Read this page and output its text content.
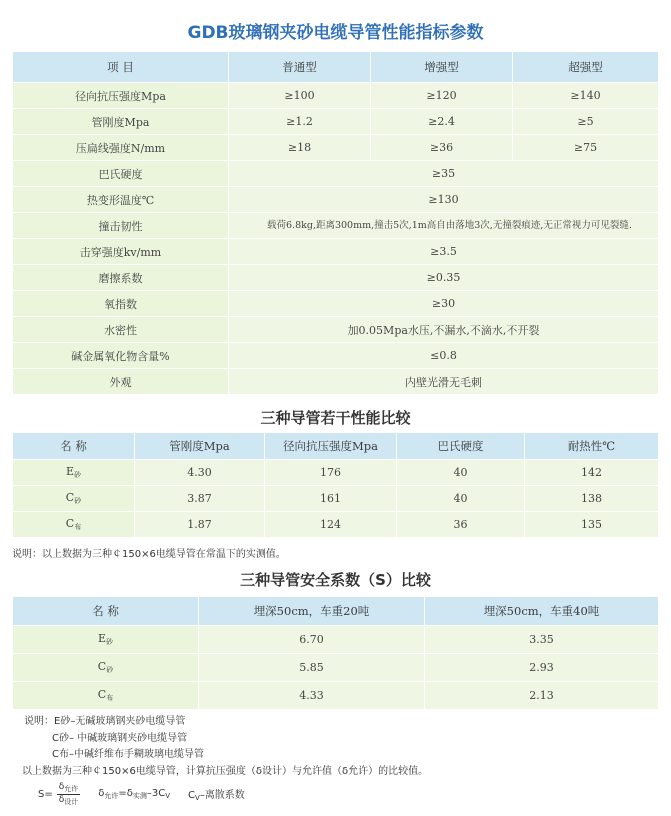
GDB玻璃钢夹砂电缆导管性能指标参数
项 目	普通型	增强型	超强型
径向抗压强度Mpa	≥100	≥120	≥140
管刚度Mpa	≥1.2	≥2.4	≥5
压扁线强度N/mm	≥18	≥36	≥75
巴氏硬度	≥35		
热变形温度℃	≥130		
撞击韧性	载荷6.8kg,距离300mm,撞击5次,1m高自由落地3次,无撞裂痕迹,无正常视力可见裂缝.		
击穿强度kv/mm	≥3.5		
磨擦系数	≥0.35		
氧指数	≥30		
水密性	加0.05Mpa水压,不漏水,不滴水,不开裂		
碱金属氧化物含量%	≤0.8		
外观	内壁光滑无毛刺		
三种导管若干性能比较
名 称	管刚度Mpa	径向抗压强度Mpa	巴氏硬度	耐热性℃
$E_砂$	4.30	176	40	142
$C_砂$	3.87	161	40	138
$C_布$	1.87	124	36	135
说明：以上数据为三种￠150×6电缆导管在常温下的实测值。
三种导管安全系数（S）比较
名 称	埋深50cm，车重20吨	埋深50cm，车重40吨
$E_砂$	6.70	3.35
$C_砂$	5.85	2.93
$C_布$	4.33	2.13
说明：E砂–无碱玻璃钢夹砂电缆导管
C砂– 中碱玻璃钢夹砂电缆导管
C布–中碱纤维布手糊玻璃电缆导管
以上数据为三种￠150×6电缆导管，计算抗压强度（δ设计）与允许值（δ允许）的比较值。
$S= \frac{\delta_{允许}}{\delta_{设计}} \delta_{允许}=\delta_{实测}-3C_V$ $C_V-$离散系数
